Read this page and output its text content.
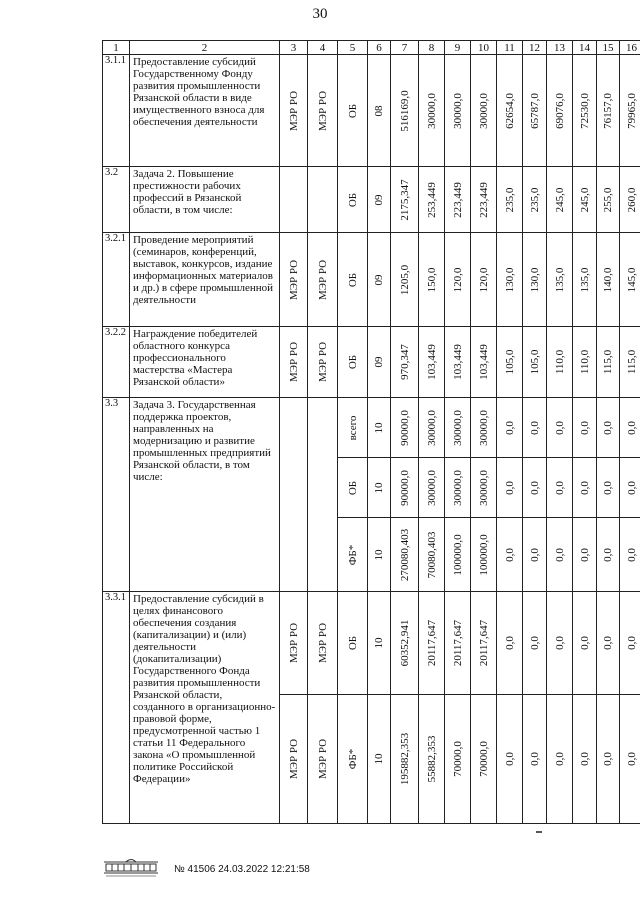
30
1	2	3	4	5	6	7	8	9	10	11	12	13	14	15	16
3.1.1	Предоставление субсидий Государственному Фонду развития промышленности Рязанской области в виде имущественного взноса для обеспечения деятельности	МЭР РО	МЭР РО	ОБ	08	516169,0	30000,0	30000,0	30000,0	62654,0	65787,0	69076,0	72530,0	76157,0	79965,0

3.2	Задача 2. Повышение престижности рабочих профессий в Рязанской области, в том числе:			ОБ	09	2175,347	253,449	223,449	223,449	235,0	235,0	245,0	245,0	255,0	260,0

3.2.1	Проведение мероприятий (семинаров, конференций, выставок, конкурсов, издание информационных материалов и др.) в сфере промышленной деятельности	МЭР РО	МЭР РО	ОБ	09	1205,0	150,0	120,0	120,0	130,0	130,0	135,0	135,0	140,0	145,0

3.2.2	Награждение победителей областного конкурса профессионального мастерства «Мастера Рязанской области»	МЭР РО	МЭР РО	ОБ	09	970,347	103,449	103,449	103,449	105,0	105,0	110,0	110,0	115,0	115,0

3.3	Задача 3. Государственная поддержка проектов, направленных на модернизацию и развитие промышленных предприятий Рязанской области, в том числе:			всего	10	90000,0	30000,0	30000,0	30000,0	0,0	0,0	0,0	0,0	0,0	0,0

				ОБ	10	90000,0	30000,0	30000,0	30000,0	0,0	0,0	0,0	0,0	0,0	0,0

				ФБ*	10	270080,403	70080,403	100000,0	100000,0	0,0	0,0	0,0	0,0	0,0	0,0

3.3.1	Предоставление субсидий в целях финансового обеспечения создания (капитализации) и (или) деятельности (докапитализации) Государственного Фонда развития промышленности Рязанской области, созданного в организационно-правовой форме, предусмотренной частью 1 статьи 11 Федерального закона «О промышленной политике Российской Федерации»	МЭР РО	МЭР РО	ОБ	10	60352,941	20117,647	20117,647	20117,647	0,0	0,0	0,0	0,0	0,0	0,0

		МЭР РО	МЭР РО	ФБ*	10	195882,353	55882,353	70000,0	70000,0	0,0	0,0	0,0	0,0	0,0	0,0
№ 41506 24.03.2022 12:21:58
